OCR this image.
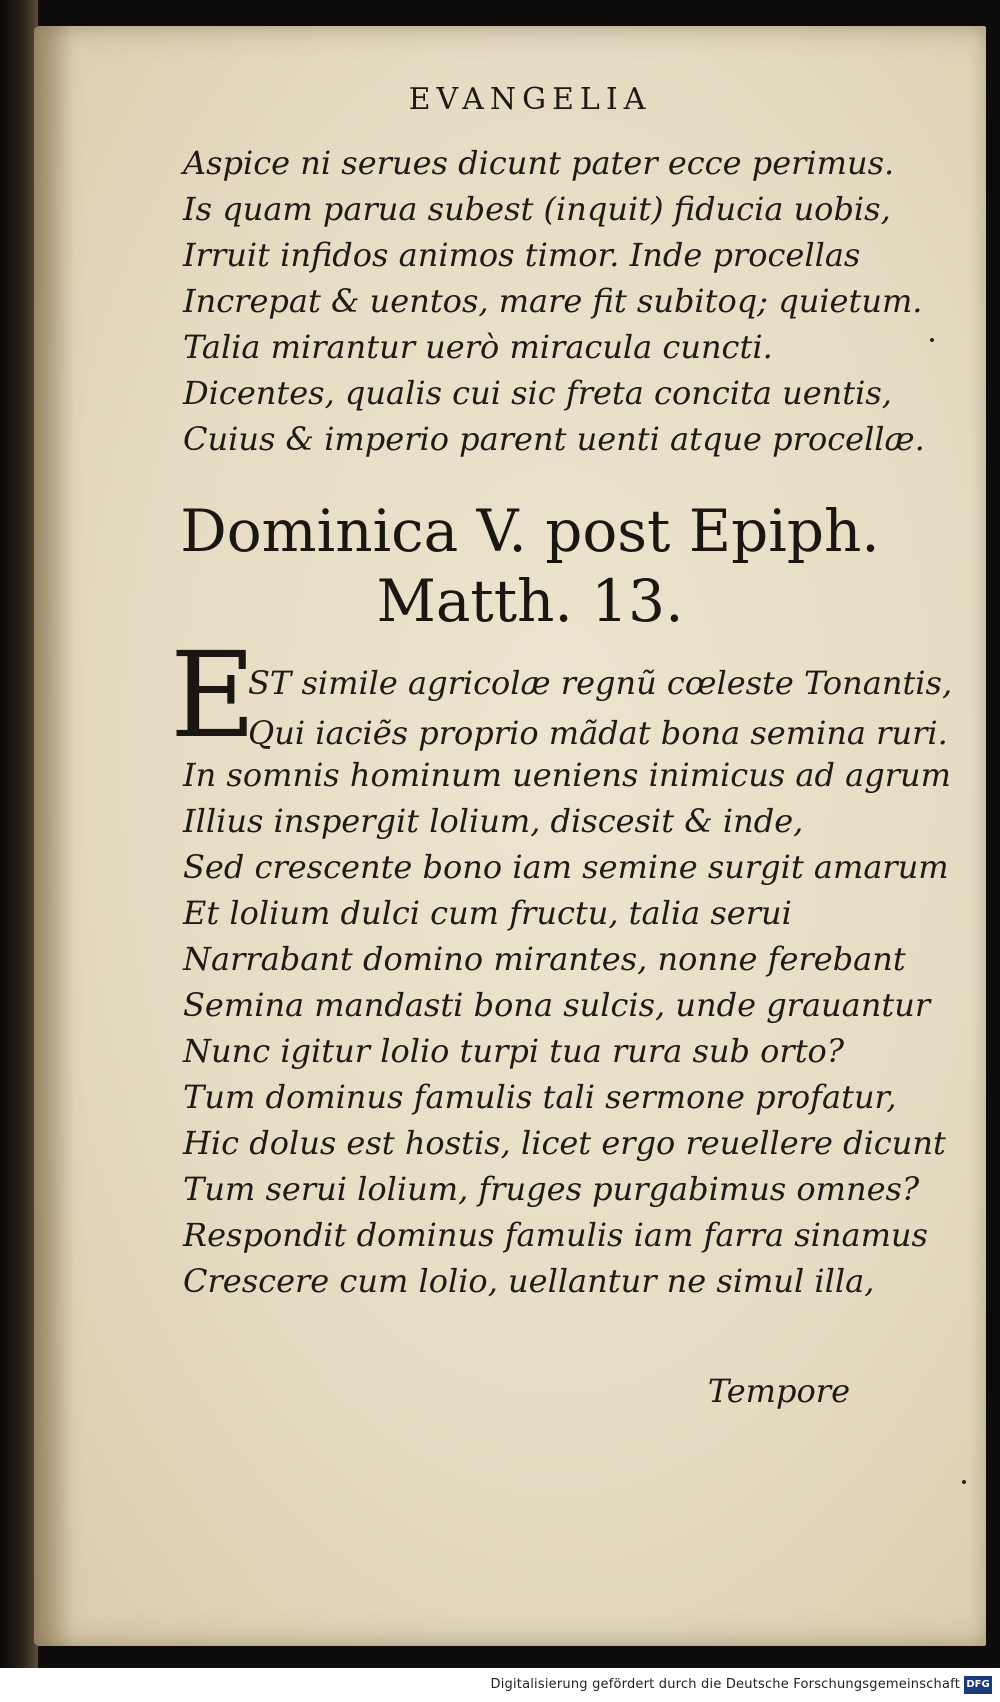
EVANGELIA
Aspice ni serues dicunt pater ecce perimus.
Is quam parua subest (inquit) fiducia uobis,
Irruit infidos animos timor. Inde procellas
Increpat & uentos, mare fit subitoq; quietum.
Talia mirantur uerò miracula cuncti.
Dicentes, qualis cui sic freta concita uentis,
Cuius & imperio parent uenti atque procellæ.
Dominica V. post Epiph.
Matth. 13.
E
ST simile agricolæ regnũ cœleste Tonantis,
Qui iaciẽs proprio mãdat bona semina ruri.
In somnis hominum ueniens inimicus ad agrum
Illius inspergit lolium, discesit & inde,
Sed crescente bono iam semine surgit amarum
Et lolium dulci cum fructu, talia serui
Narrabant domino mirantes, nonne ferebant
Semina mandasti bona sulcis, unde grauantur
Nunc igitur lolio turpi tua rura sub orto?
Tum dominus famulis tali sermone profatur,
Hic dolus est hostis, licet ergo reuellere dicunt
Tum serui lolium, fruges purgabimus omnes?
Respondit dominus famulis iam farra sinamus
Crescere cum lolio, uellantur ne simul illa,
Tempore
Digitalisierung gefördert durch die Deutsche Forschungsgemeinschaft DFG
